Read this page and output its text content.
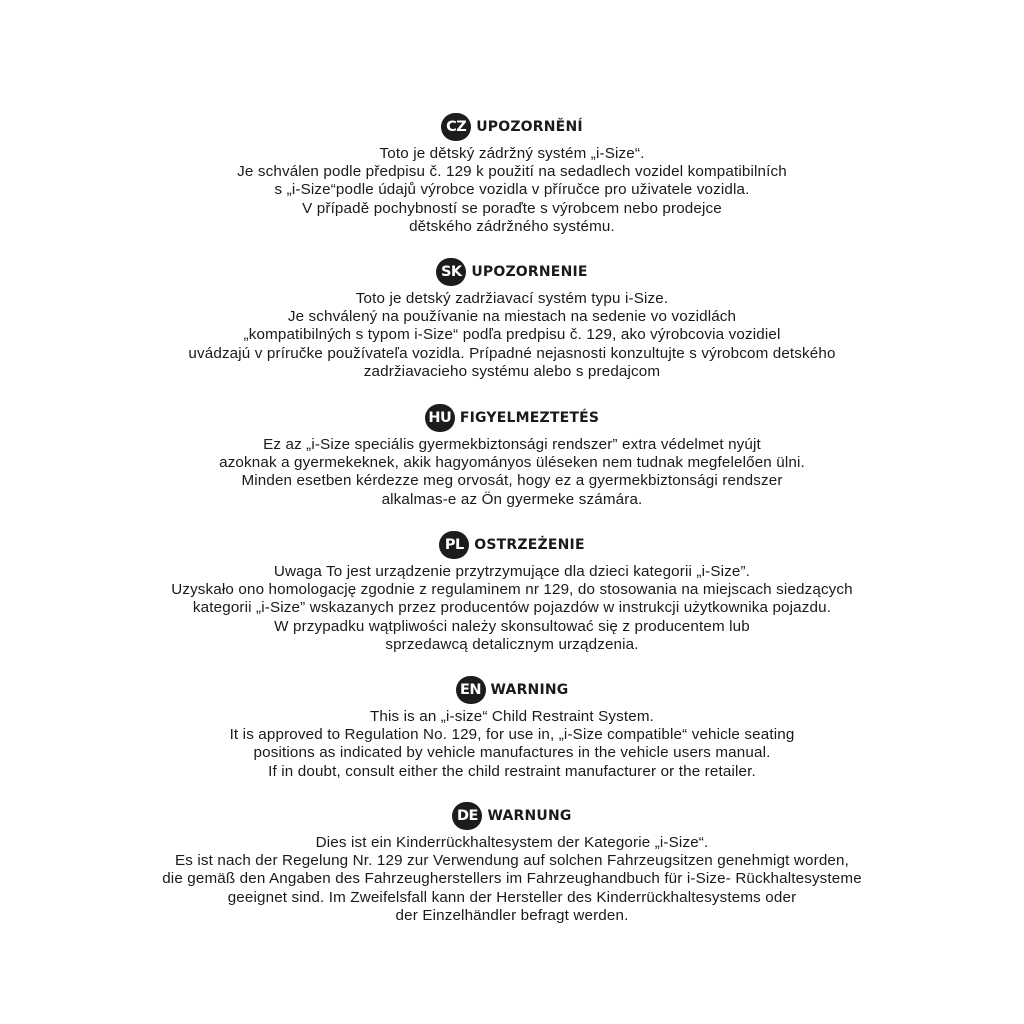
CZ UPOZORNĚNÍ
Toto je dětský zádržný systém „i-Size“.
Je schválen podle předpisu č. 129 k použití na sedadlech vozidel kompatibilních
s „i-Size“podle údajů výrobce vozidla v příručce pro uživatele vozidla.
V případě pochybností se poraďte s výrobcem nebo prodejce
dětského zádržného systému.
SK UPOZORNENIE
Toto je detský zadržiavací systém typu i-Size.
Je schválený na používanie na miestach na sedenie vo vozidlách
„kompatibilných s typom i-Size“ podľa predpisu č. 129, ako výrobcovia vozidiel
uvádzajú v príručke používateľa vozidla. Prípadné nejasnosti konzultujte s výrobcom detského
zadržiavacieho systému alebo s predajcom
HU FIGYELMEZTETÉS
Ez az „i-Size speciális gyermekbiztonsági rendszer” extra védelmet nyújt
azoknak a gyermekeknek, akik hagyományos üléseken nem tudnak megfelelően ülni.
Minden esetben kérdezze meg orvosát, hogy ez a gyermekbiztonsági rendszer
alkalmas-e az Ön gyermeke számára.
PL OSTRZEŻENIE
Uwaga To jest urządzenie przytrzymujące dla dzieci kategorii „i-Size”.
Uzyskało ono homologację zgodnie z regulaminem nr 129, do stosowania na miejscach siedzących
kategorii „i-Size” wskazanych przez producentów pojazdów w instrukcji użytkownika pojazdu.
W przypadku wątpliwości należy skonsultować się z producentem lub
sprzedawcą detalicznym urządzenia.
EN WARNING
This is an „i-size“ Child Restraint System.
It is approved to Regulation No. 129, for use in, „i-Size compatible“ vehicle seating
positions as indicated by vehicle manufactures in the vehicle users manual.
If in doubt, consult either the child restraint manufacturer or the retailer.
DE WARNUNG
Dies ist ein Kinderrückhaltesystem der Kategorie „i-Size“.
Es ist nach der Regelung Nr. 129 zur Verwendung auf solchen Fahrzeugsitzen genehmigt worden,
die gemäß den Angaben des Fahrzeugherstellers im Fahrzeughandbuch für i-Size- Rückhaltesysteme
geeignet sind. Im Zweifelsfall kann der Hersteller des Kinderrückhaltesystems oder
der Einzelhändler befragt werden.
